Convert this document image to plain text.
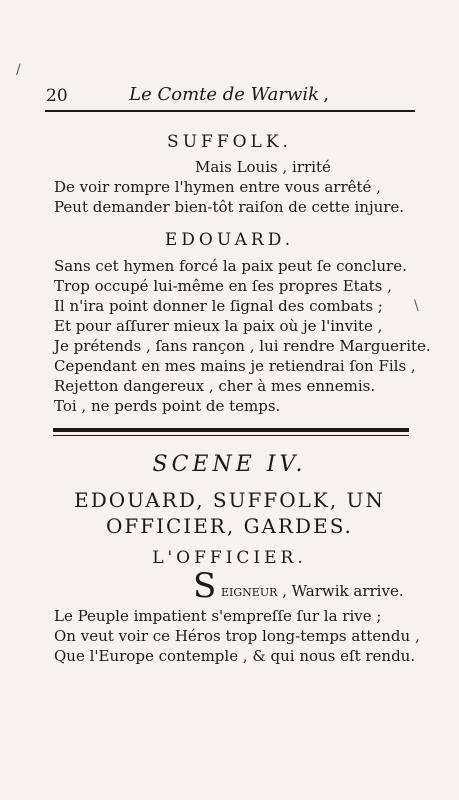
/
\
20	Le Comte de Warwik ,
SUFFOLK.
Mais Louis , irrité
De voir rompre l'hymen entre vous arrêté ,
Peut demander bien-tôt raiſon de cette injure.
EDOUARD.
Sans cet hymen forcé la paix peut ſe conclure.
Trop occupé lui-même en ſes propres Etats ,
Il n'ira point donner le ſignal des combats ;
Et pour aſſurer mieux la paix où je l'invite ,
Je prétends , ſans rançon , lui rendre Marguerite.
Cependant en mes mains je retiendrai ſon Fils ,
Rejetton dangereux , cher à mes ennemis.
Toi , ne perds point de temps.
SCENE IV.
EDOUARD, SUFFOLK, UN
OFFICIER, GARDES.
L'OFFICIER.
S eigneur , Warwik arrive.
Le Peuple impatient s'empreſſe ſur la rive ;
On veut voir ce Héros trop long-temps attendu ,
Que l'Europe contemple , & qui nous eſt rendu.
